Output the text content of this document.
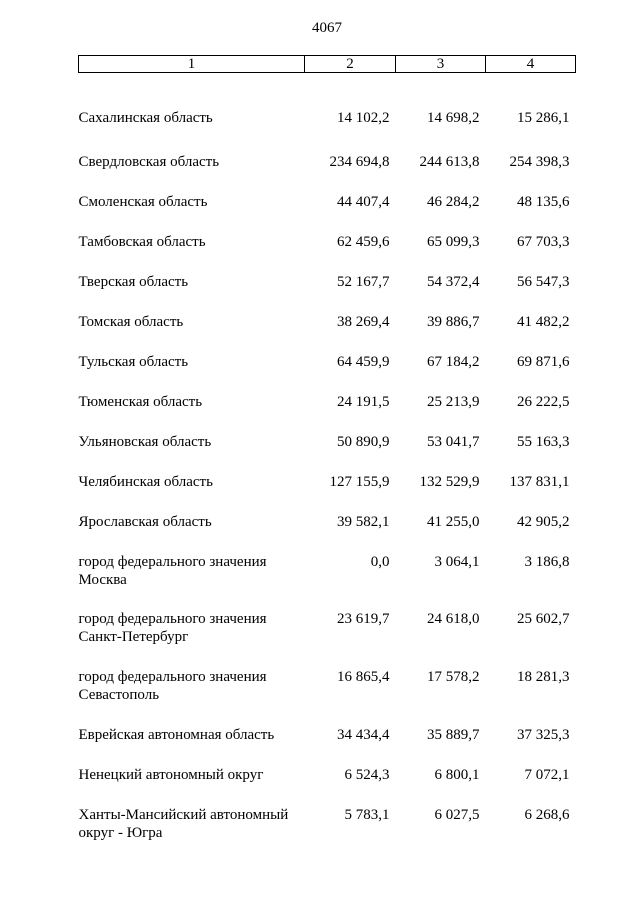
4067
1	2	3	4
Сахалинская область	14 102,2	14 698,2	15 286,1
Свердловская область	234 694,8	244 613,8	254 398,3
Смоленская область	44 407,4	46 284,2	48 135,6
Тамбовская область	62 459,6	65 099,3	67 703,3
Тверская область	52 167,7	54 372,4	56 547,3
Томская область	38 269,4	39 886,7	41 482,2
Тульская область	64 459,9	67 184,2	69 871,6
Тюменская область	24 191,5	25 213,9	26 222,5
Ульяновская область	50 890,9	53 041,7	55 163,3
Челябинская область	127 155,9	132 529,9	137 831,1
Ярославская область	39 582,1	41 255,0	42 905,2
город федерального значения Москва	0,0	3 064,1	3 186,8
город федерального значения Санкт-Петербург	23 619,7	24 618,0	25 602,7
город федерального значения Севастополь	16 865,4	17 578,2	18 281,3
Еврейская автономная область	34 434,4	35 889,7	37 325,3
Ненецкий автономный округ	6 524,3	6 800,1	7 072,1
Ханты-Мансийский автономный округ - Югра	5 783,1	6 027,5	6 268,6
